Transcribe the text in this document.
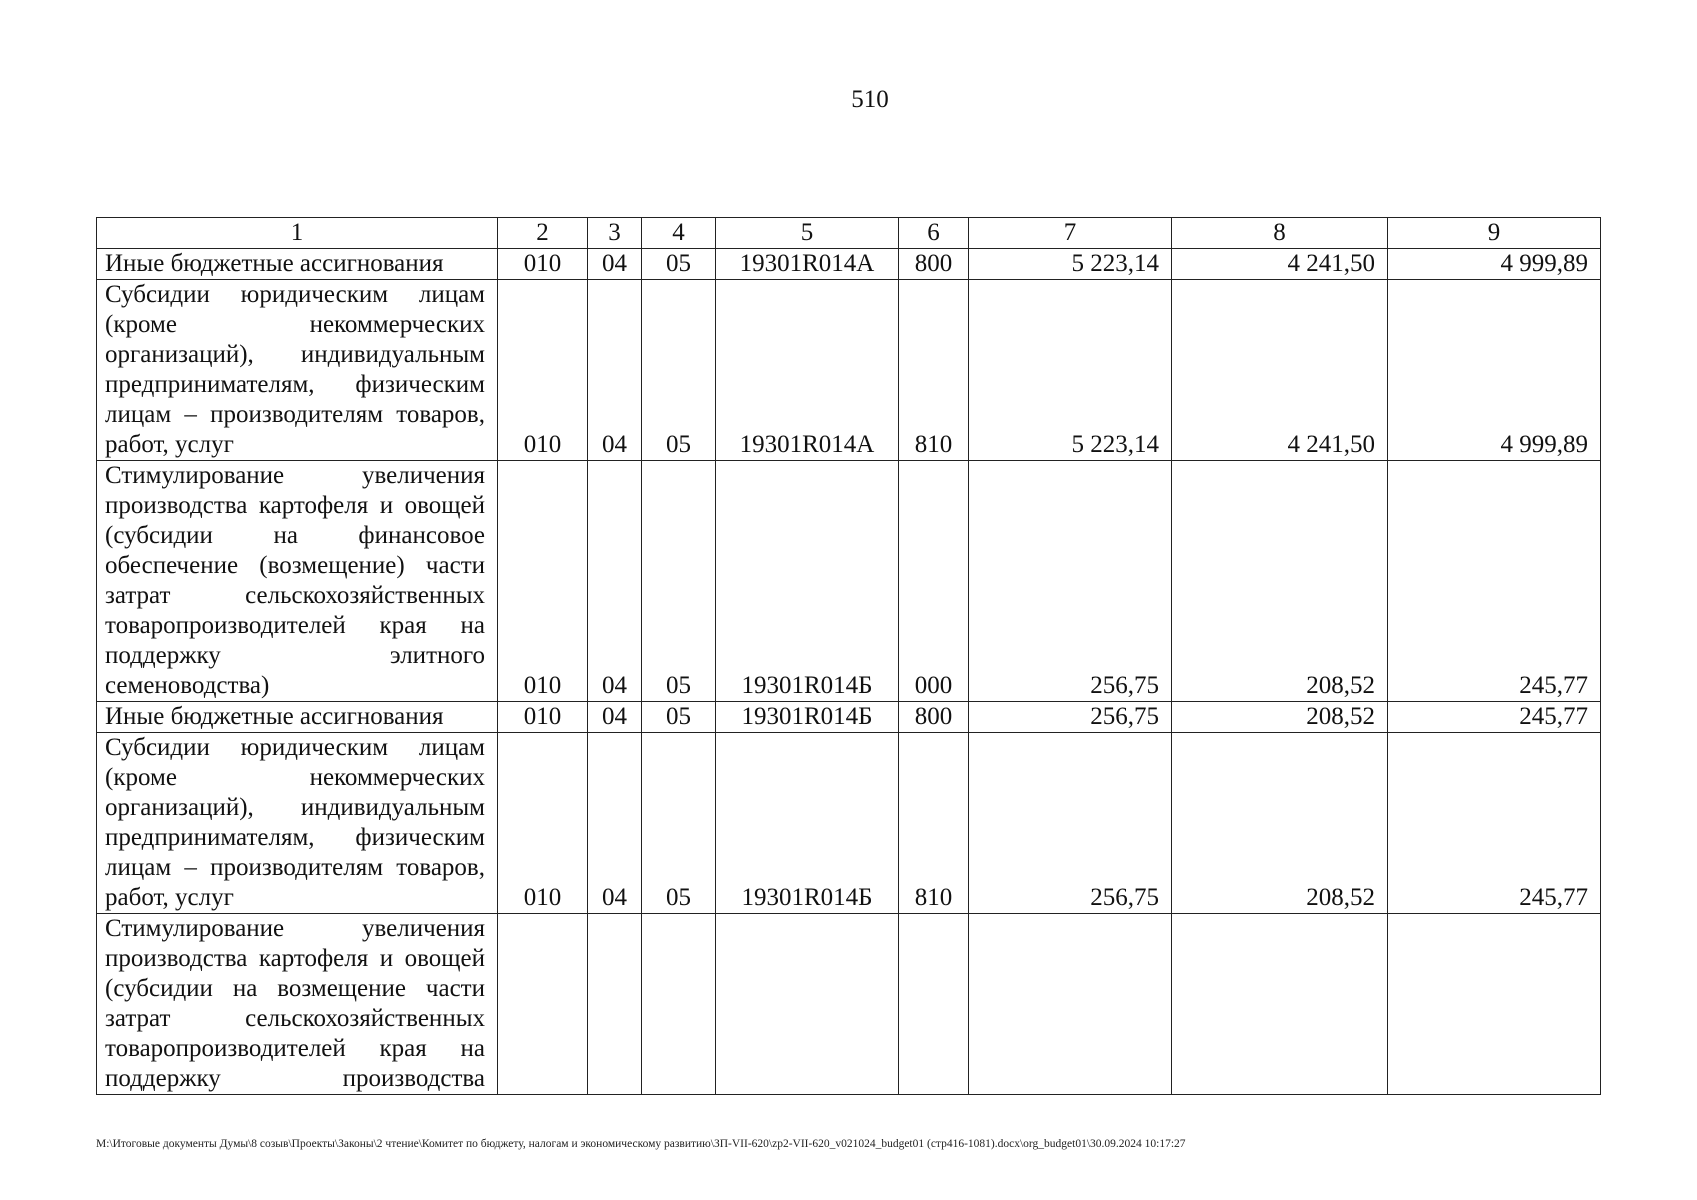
510
1	2	3	4	5	6	7	8	9
Иные бюджетные ассигнования	010	04	05	19301R014А	800	5 223,14	4 241,50	4 999,89
Субсидии юридическим лицам (кроме некоммерческих организаций), индивидуальным предпринимателям, физическим лицам – производителям товаров, работ, услуг	010	04	05	19301R014А	810	5 223,14	4 241,50	4 999,89
Стимулирование увеличения производства картофеля и овощей (субсидии на финансовое обеспечение (возмещение) части затрат сельскохозяйственных товаропроизводителей края на поддержку элитного семеноводства)	010	04	05	19301R014Б	000	256,75	208,52	245,77
Иные бюджетные ассигнования	010	04	05	19301R014Б	800	256,75	208,52	245,77
Субсидии юридическим лицам (кроме некоммерческих организаций), индивидуальным предпринимателям, физическим лицам – производителям товаров, работ, услуг	010	04	05	19301R014Б	810	256,75	208,52	245,77
Стимулирование увеличения производства картофеля и овощей (субсидии на возмещение части затрат сельскохозяйственных товаропроизводителей края на поддержку производства								
M:\Итоговые документы Думы\8 созыв\Проекты\Законы\2 чтение\Комитет по бюджету, налогам и экономическому развитию\ЗП-VII-620\zp2-VII-620_v021024_budget01 (стр416-1081).docx\org_budget01\30.09.2024 10:17:27
